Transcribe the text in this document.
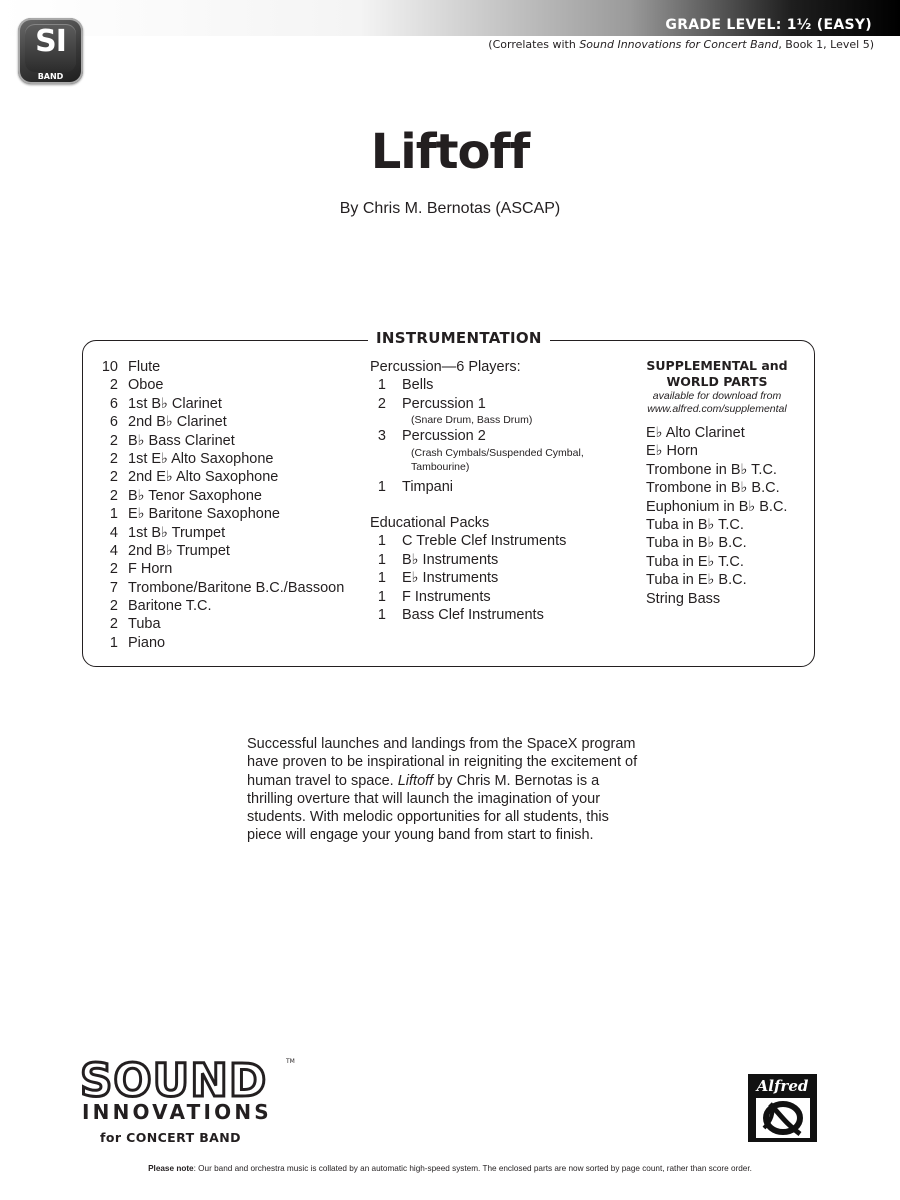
SI
BAND
GRADE LEVEL: 1½ (EASY)
(Correlates with Sound Innovations for Concert Band, Book 1, Level 5)
Liftoff
By Chris M. Bernotas (ASCAP)
INSTRUMENTATION
10 Flute
2 Oboe
6 1st B♭ Clarinet
6 2nd B♭ Clarinet
2 B♭ Bass Clarinet
2 1st E♭ Alto Saxophone
2 2nd E♭ Alto Saxophone
2 B♭ Tenor Saxophone
1 E♭ Baritone Saxophone
4 1st B♭ Trumpet
4 2nd B♭ Trumpet
2 F Horn
7 Trombone/Baritone B.C./Bassoon
2 Baritone T.C.
2 Tuba
1 Piano
Percussion—6 Players:
1 Bells
2 Percussion 1
(Snare Drum, Bass Drum)
3 Percussion 2
(Crash Cymbals/Suspended Cymbal,
Tambourine)
1 Timpani
Educational Packs
1 C Treble Clef Instruments
1 B♭ Instruments
1 E♭ Instruments
1 F Instruments
1 Bass Clef Instruments
SUPPLEMENTAL and
WORLD PARTS
available for download from
www.alfred.com/supplemental
E♭ Alto Clarinet
E♭ Horn
Trombone in B♭ T.C.
Trombone in B♭ B.C.
Euphonium in B♭ B.C.
Tuba in B♭ T.C.
Tuba in B♭ B.C.
Tuba in E♭ T.C.
Tuba in E♭ B.C.
String Bass
Successful launches and landings from the SpaceX program have proven to be inspirational in reigniting the excitement of human travel to space. Liftoff by Chris M. Bernotas is a thrilling overture that will launch the imagination of your students. With melodic opportunities for all students, this piece will engage your young band from start to finish.
SOUND	TM
INNOVATIONS
for CONCERT BAND
Alfred
Please note: Our band and orchestra music is collated by an automatic high-speed system. The enclosed parts are now sorted by page count, rather than score order.
